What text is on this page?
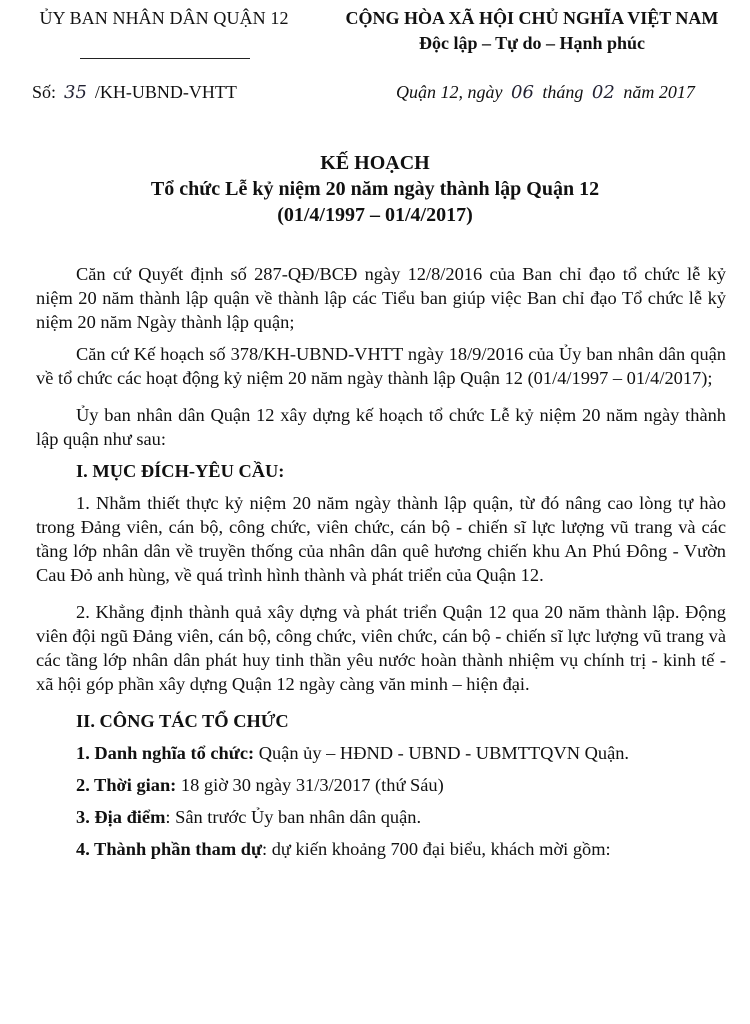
ỦY BAN NHÂN DÂN QUẬN 12	CỘNG HÒA XÃ HỘI CHỦ NGHĨA VIỆT NAM
Độc lập – Tự do – Hạnh phúc
Số: 35 /KH-UBND-VHTT	Quận 12, ngày 06 tháng 02 năm 2017
KẾ HOẠCH
Tổ chức Lễ kỷ niệm 20 năm ngày thành lập Quận 12
(01/4/1997 – 01/4/2017)

Căn cứ Quyết định số 287-QĐ/BCĐ ngày 12/8/2016 của Ban chỉ đạo tổ chức lễ kỷ niệm 20 năm thành lập quận về thành lập các Tiểu ban giúp việc Ban chỉ đạo Tổ chức lễ kỷ niệm 20 năm Ngày thành lập quận;

Căn cứ Kế hoạch số 378/KH-UBND-VHTT ngày 18/9/2016 của Ủy ban nhân dân quận về tổ chức các hoạt động kỷ niệm 20 năm ngày thành lập Quận 12 (01/4/1997 – 01/4/2017);

Ủy ban nhân dân Quận 12 xây dựng kế hoạch tổ chức Lễ kỷ niệm 20 năm ngày thành lập quận như sau:

I. MỤC ĐÍCH-YÊU CẦU:

1. Nhằm thiết thực kỷ niệm 20 năm ngày thành lập quận, từ đó nâng cao lòng tự hào trong Đảng viên, cán bộ, công chức, viên chức, cán bộ - chiến sĩ lực lượng vũ trang và các tầng lớp nhân dân về truyền thống của nhân dân quê hương chiến khu An Phú Đông - Vườn Cau Đỏ anh hùng, về quá trình hình thành và phát triển của Quận 12.

2. Khẳng định thành quả xây dựng và phát triển Quận 12 qua 20 năm thành lập. Động viên đội ngũ Đảng viên, cán bộ, công chức, viên chức, cán bộ - chiến sĩ lực lượng vũ trang và các tầng lớp nhân dân phát huy tinh thần yêu nước hoàn thành nhiệm vụ chính trị - kinh tế - xã hội góp phần xây dựng Quận 12 ngày càng văn minh – hiện đại.

II. CÔNG TÁC TỔ CHỨC

1. Danh nghĩa tổ chức: Quận ủy – HĐND - UBND - UBMTTQVN Quận.

2. Thời gian: 18 giờ 30 ngày 31/3/2017 (thứ Sáu)

3. Địa điểm: Sân trước Ủy ban nhân dân quận.

4. Thành phần tham dự: dự kiến khoảng 700 đại biểu, khách mời gồm:
